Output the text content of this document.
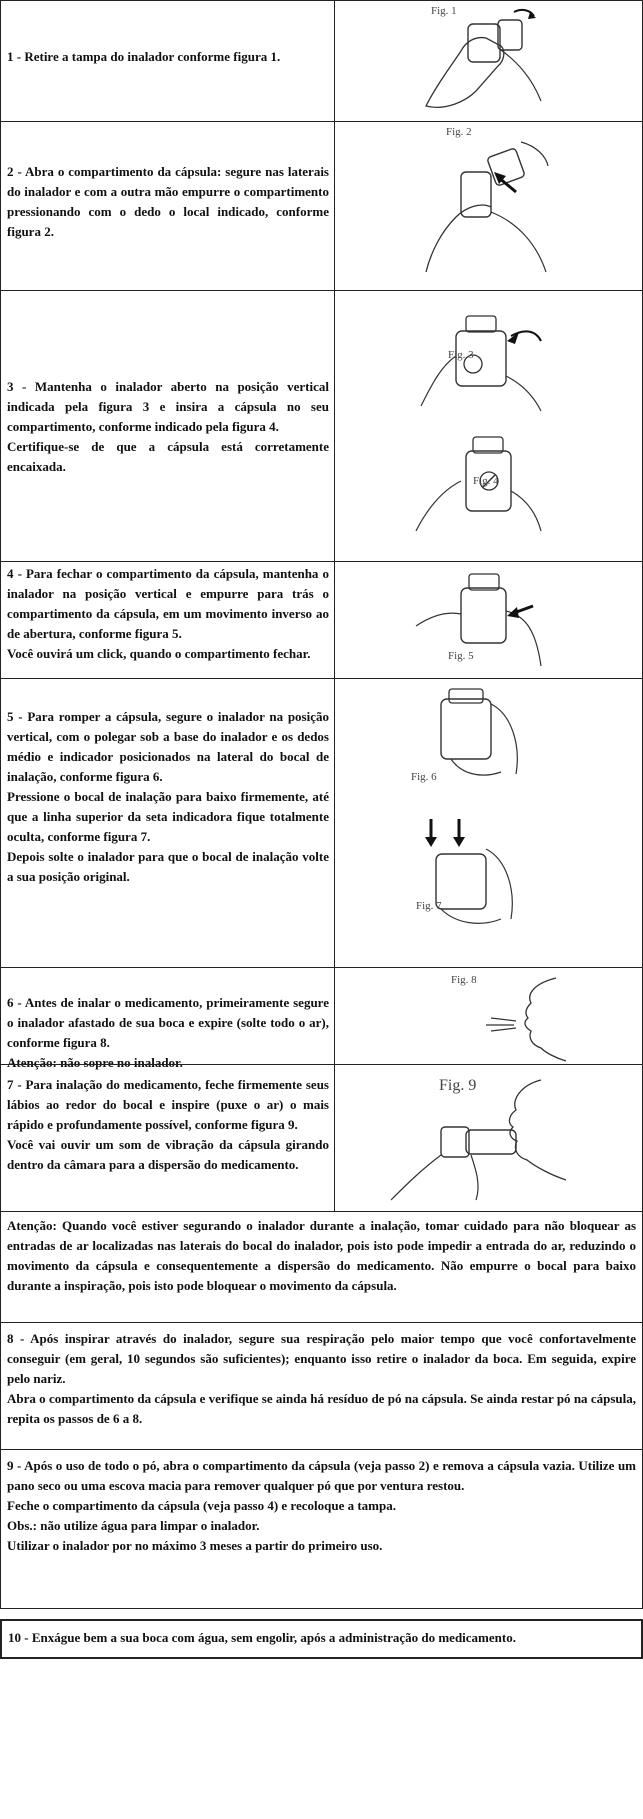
1 - Retire a tampa do inalador conforme figura 1.

Fig. 1

2 - Abra o compartimento da cápsula: segure nas laterais do inalador e com a outra mão empurre o compartimento pressionando com o dedo o local indicado, conforme figura 2.

Fig. 2

3 - Mantenha o inalador aberto na posição vertical indicada pela figura 3 e insira a cápsula no seu compartimento, conforme indicado pela figura 4.

Certifique-se de que a cápsula está corretamente encaixada.

Fig. 3
Fig. 4

4 - Para fechar o compartimento da cápsula, mantenha o inalador na posição vertical e empurre para trás o compartimento da cápsula, em um movimento inverso ao de abertura, conforme figura 5.

Você ouvirá um click, quando o compartimento fechar.	Fig. 5

5 - Para romper a cápsula, segure o inalador na posição vertical, com o polegar sob a base do inalador e os dedos médio e indicador posicionados na lateral do bocal de inalação, conforme figura 6.

Pressione o bocal de inalação para baixo firmemente, até que a linha superior da seta indicadora fique totalmente oculta, conforme figura 7.

Depois solte o inalador para que o bocal de inalação volte a sua posição original.

Fig. 6
Fig. 7

6 - Antes de inalar o medicamento, primeiramente segure o inalador afastado de sua boca e expire (solte todo o ar), conforme figura 8.

Atenção: não sopre no inalador.

Fig. 8

7 - Para inalação do medicamento, feche firmemente seus lábios ao redor do bocal e inspire (puxe o ar) o mais rápido e profundamente possível, conforme figura 9.

Você vai ouvir um som de vibração da cápsula girando dentro da câmara para a dispersão do medicamento.

Fig. 9

Atenção: Quando você estiver segurando o inalador durante a inalação, tomar cuidado para não bloquear as entradas de ar localizadas nas laterais do bocal do inalador, pois isto pode impedir a entrada do ar, reduzindo o movimento da cápsula e consequentemente a dispersão do medicamento. Não empurre o bocal para baixo durante a inspiração, pois isto pode bloquear o movimento da cápsula.

8 - Após inspirar através do inalador, segure sua respiração pelo maior tempo que você confortavelmente conseguir (em geral, 10 segundos são suficientes); enquanto isso retire o inalador da boca. Em seguida, expire pelo nariz.

Abra o compartimento da cápsula e verifique se ainda há resíduo de pó na cápsula. Se ainda restar pó na cápsula, repita os passos de 6 a 8.

9 - Após o uso de todo o pó, abra o compartimento da cápsula (veja passo 2) e remova a cápsula vazia. Utilize um pano seco ou uma escova macia para remover qualquer pó que por ventura restou.

Feche o compartimento da cápsula (veja passo 4) e recoloque a tampa.

Obs.: não utilize água para limpar o inalador.

Utilizar o inalador por no máximo 3 meses a partir do primeiro uso.

10 - Enxágue bem a sua boca com água, sem engolir, após a administração do medicamento.
